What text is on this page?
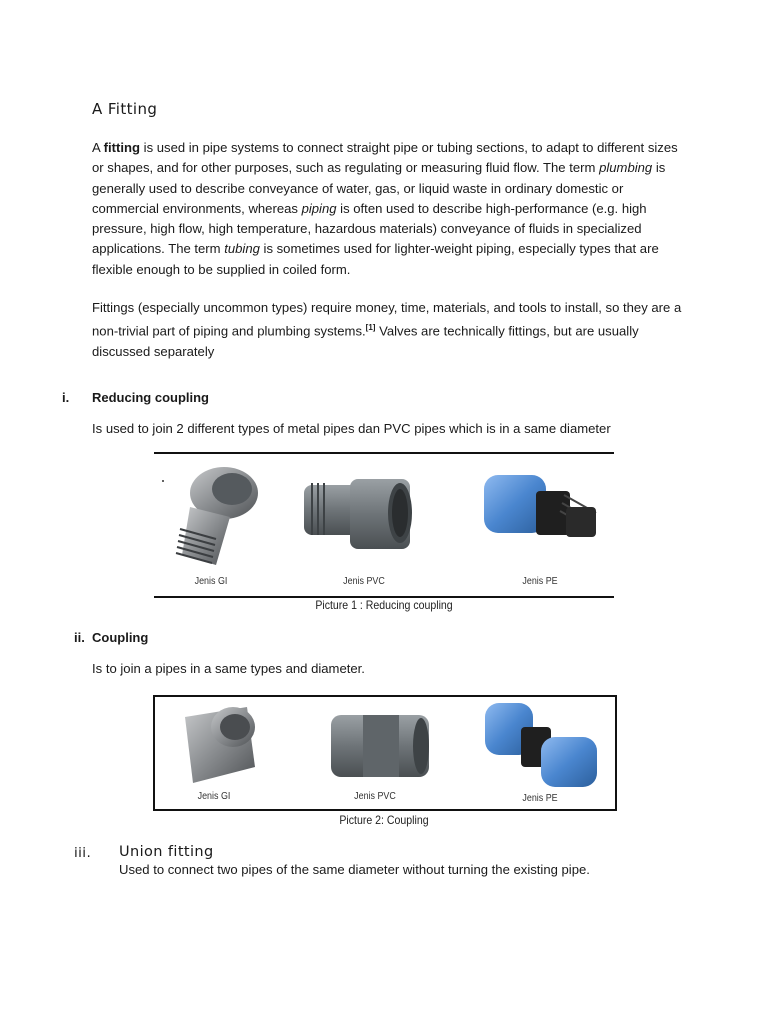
A Fitting
A fitting is used in pipe systems to connect straight pipe or tubing sections, to adapt to different sizes or shapes, and for other purposes, such as regulating or measuring fluid flow. The term plumbing is generally used to describe conveyance of water, gas, or liquid waste in ordinary domestic or commercial environments, whereas piping is often used to describe high-performance (e.g. high pressure, high flow, high temperature, hazardous materials) conveyance of fluids in specialized applications. The term tubing is sometimes used for lighter-weight piping, especially types that are flexible enough to be supplied in coiled form.
Fittings (especially uncommon types) require money, time, materials, and tools to install, so they are a non-trivial part of piping and plumbing systems.[1] Valves are technically fittings, but are usually discussed separately
i. Reducing coupling
Is used to join 2 different types of metal pipes dan PVC pipes which is in a same diameter
Jenis GI	Jenis PVC	Jenis PE
Picture 1 : Reducing coupling
ii. Coupling
Is to join a pipes in a same types and diameter.
Jenis GI	Jenis PVC	Jenis PE
Picture 2: Coupling
iii. Union fitting
Used to connect two pipes of the same diameter without turning the existing pipe.
